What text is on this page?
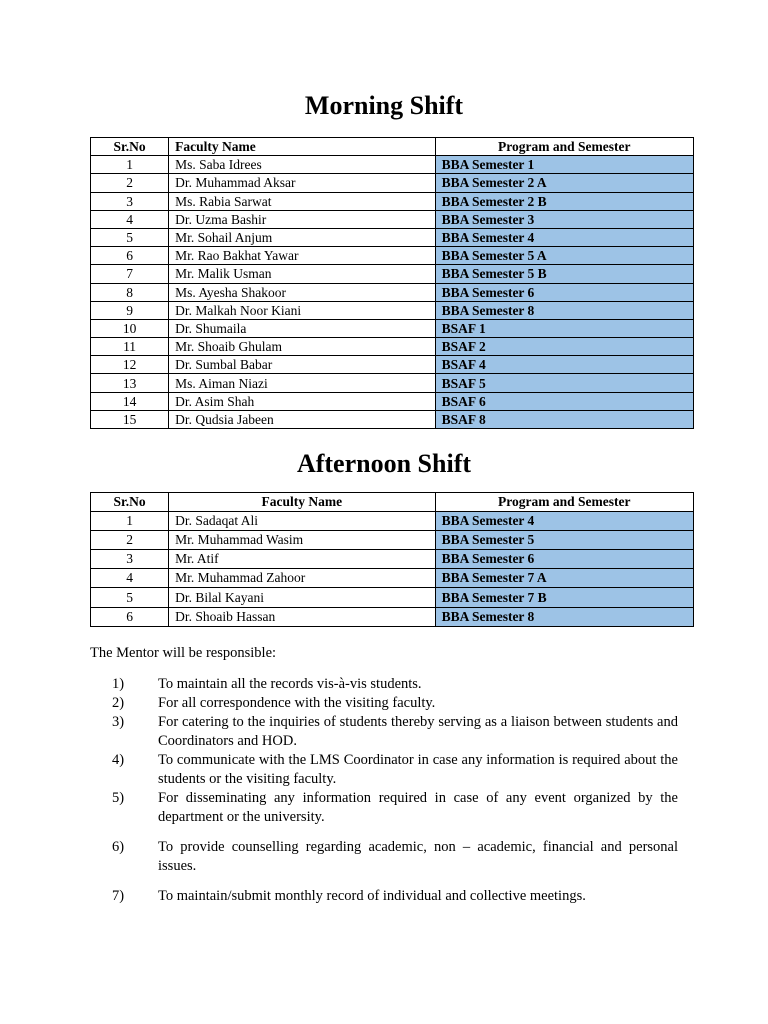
Morning Shift
Sr.No	Faculty Name	Program and Semester
1	Ms. Saba Idrees	BBA Semester 1
2	Dr. Muhammad Aksar	BBA Semester 2 A
3	Ms. Rabia Sarwat	BBA Semester 2 B
4	Dr. Uzma Bashir	BBA Semester 3
5	Mr. Sohail Anjum	BBA Semester 4
6	Mr. Rao Bakhat Yawar	BBA Semester 5 A
7	Mr. Malik Usman	BBA Semester 5 B
8	Ms. Ayesha Shakoor	BBA Semester 6
9	Dr. Malkah Noor Kiani	BBA Semester 8
10	Dr. Shumaila	BSAF 1
11	Mr. Shoaib Ghulam	BSAF 2
12	Dr. Sumbal Babar	BSAF 4
13	Ms. Aiman Niazi	BSAF 5
14	Dr. Asim Shah	BSAF 6
15	Dr. Qudsia Jabeen	BSAF 8
Afternoon Shift
Sr.No	Faculty Name	Program and Semester
1	Dr. Sadaqat Ali	BBA Semester 4
2	Mr. Muhammad Wasim	BBA Semester 5
3	Mr. Atif	BBA Semester 6
4	Mr. Muhammad Zahoor	BBA Semester 7 A
5	Dr. Bilal Kayani	BBA Semester 7 B
6	Dr. Shoaib Hassan	BBA Semester 8
The Mentor will be responsible:
1) To maintain all the records vis-à-vis students.
2) For all correspondence with the visiting faculty.
3) For catering to the inquiries of students thereby serving as a liaison between students and Coordinators and HOD.
4) To communicate with the LMS Coordinator in case any information is required about the students or the visiting faculty.
5) For disseminating any information required in case of any event organized by the department or the university.
6) To provide counselling regarding academic, non – academic, financial and personal issues.
7) To maintain/submit monthly record of individual and collective meetings.
